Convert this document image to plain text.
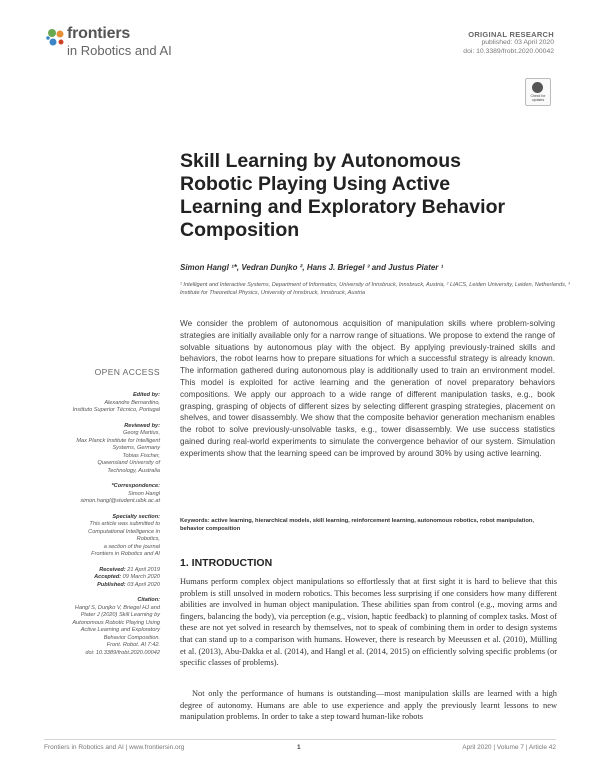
frontiers
in Robotics and AI
ORIGINAL RESEARCH
published: 03 April 2020
doi: 10.3389/frobt.2020.00042
Check for updates
Skill Learning by Autonomous Robotic Playing Using Active Learning and Exploratory Behavior Composition
Simon Hangl ¹*, Vedran Dunjko ², Hans J. Briegel ³ and Justus Piater ¹
¹ Intelligent and Interactive Systems, Department of Informatics, University of Innsbruck, Innsbruck, Austria, ² LIACS, Leiden University, Leiden, Netherlands, ³ Institute for Theoretical Physics, University of Innsbruck, Innsbruck, Austria

We consider the problem of autonomous acquisition of manipulation skills where problem-solving strategies are initially available only for a narrow range of situations. We propose to extend the range of solvable situations by autonomous play with the object. By applying previously-trained skills and behaviors, the robot learns how to prepare situations for which a successful strategy is already known. The information gathered during autonomous play is additionally used to train an environment model. This model is exploited for active learning and the generation of novel preparatory behaviors compositions. We apply our approach to a wide range of different manipulation tasks, e.g., book grasping, grasping of objects of different sizes by selecting different grasping strategies, placement on shelves, and tower disassembly. We show that the composite behavior generation mechanism enables the robot to solve previously-unsolvable tasks, e.g., tower disassembly. We use success statistics gained during real-world experiments to simulate the convergence behavior of our system. Simulation experiments show that the learning speed can be improved by around 30% by using active learning.

Keywords: active learning, hierarchical models, skill learning, reinforcement learning, autonomous robotics, robot manipulation, behavior composition
OPEN ACCESS
Edited by:
Alexandre Bernardino,
Instituto Superior Técnico, Portugal
Reviewed by:
Georg Martius,
Max Planck Institute for Intelligent
Systems, Germany
Tobias Fischer,
Queensland University of
Technology, Australia
*Correspondence:
Simon Hangl
simon.hangl@student.uibk.ac.at
Specialty section:
This article was submitted to
Computational Intelligence in
Robotics,
a section of the journal
Frontiers in Robotics and AI
Received: 21 April 2019
Accepted: 09 March 2020
Published: 03 April 2020
Citation:
Hangl S, Dunjko V, Briegel HJ and
Piater J (2020) Skill Learning by
Autonomous Robotic Playing Using
Active Learning and Exploratory
Behavior Composition.
Front. Robot. AI 7:42.
doi: 10.3389/frobt.2020.00042
1. INTRODUCTION

Humans perform complex object manipulations so effortlessly that at first sight it is hard to believe that this problem is still unsolved in modern robotics. This becomes less surprising if one considers how many different abilities are involved in human object manipulation. These abilities span from control (e.g., moving arms and fingers, balancing the body), via perception (e.g., vision, haptic feedback) to planning of complex tasks. Most of these are not yet solved in research by themselves, not to speak of combining them in order to design systems that can stand up to a comparison with humans. However, there is research by Meeussen et al. (2010), Mülling et al. (2013), Abu-Dakka et al. (2014), and Hangl et al. (2014, 2015) on efficiently solving specific problems (or specific classes of problems).

Not only the performance of humans is outstanding—most manipulation skills are learned with a high degree of autonomy. Humans are able to use experience and apply the previously learnt lessons to new manipulation problems. In order to take a step toward human-like robots

Frontiers in Robotics and AI | www.frontiersin.org	1	April 2020 | Volume 7 | Article 42
